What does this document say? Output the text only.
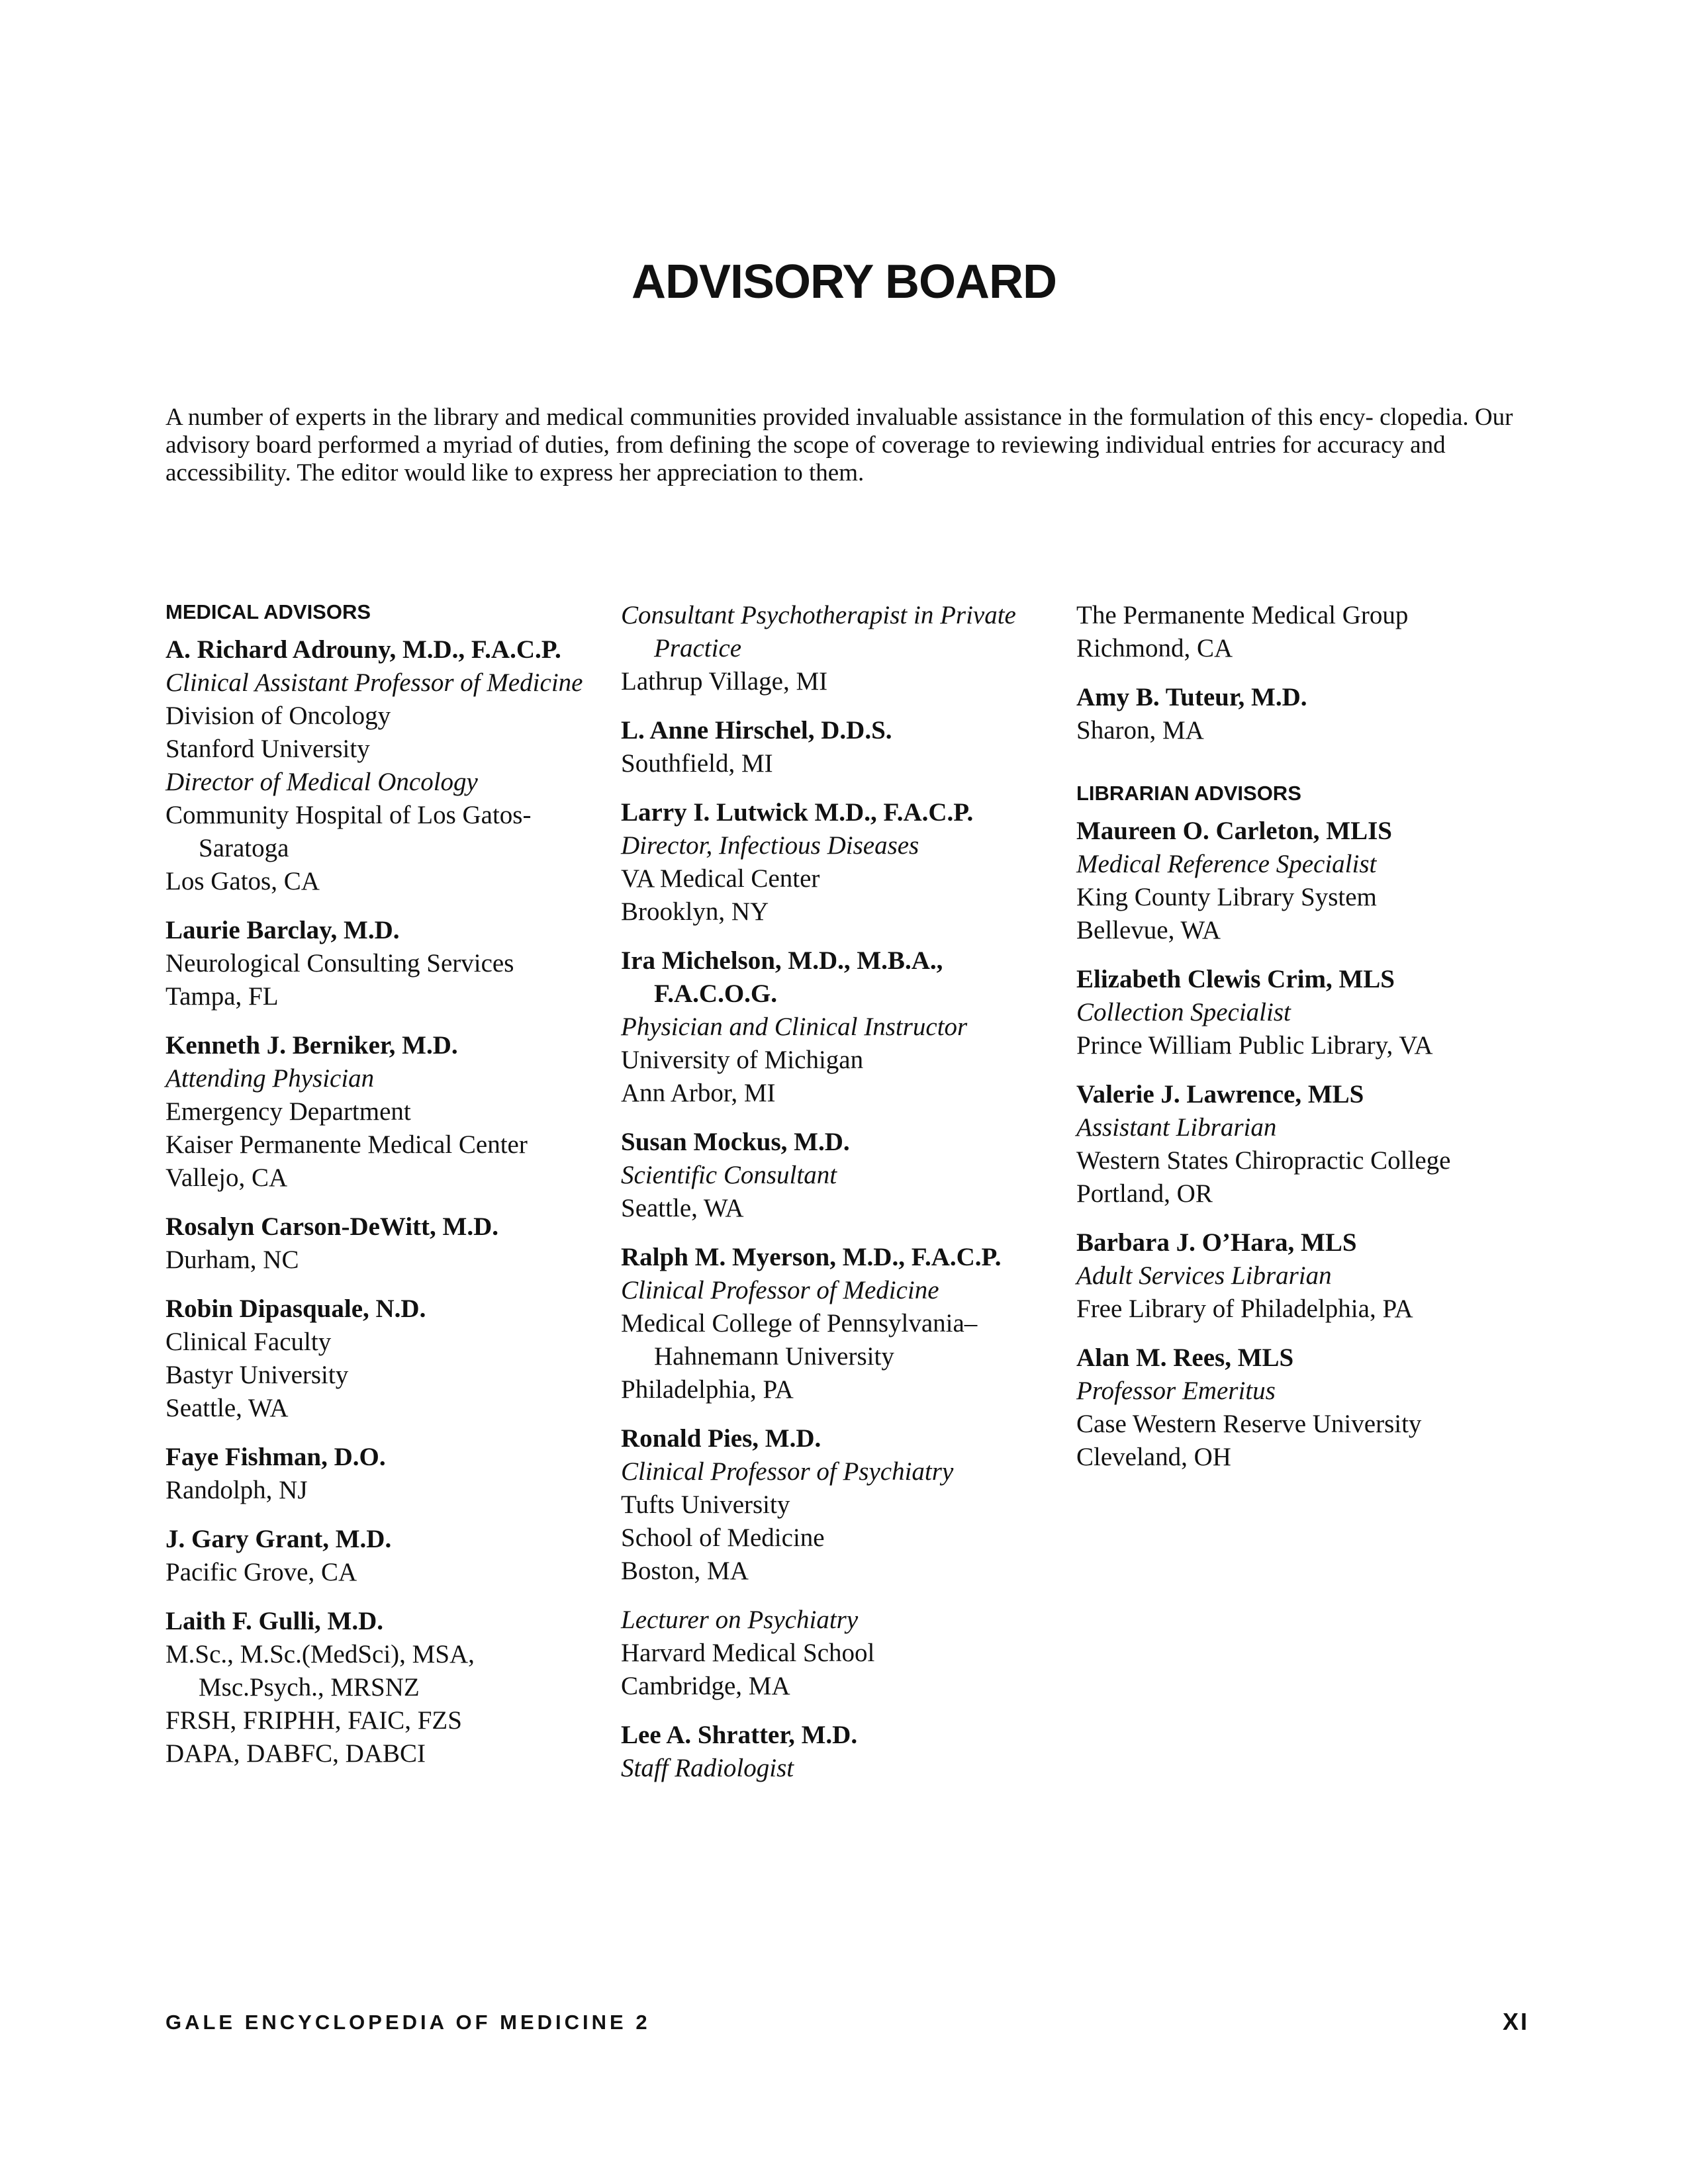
ADVISORY BOARD

A number of experts in the library and medical communities provided invaluable assistance in the formulation of this ency- clopedia. Our advisory board performed a myriad of duties, from defining the scope of coverage to reviewing individual entries for accuracy and accessibility. The editor would like to express her appreciation to them.

MEDICAL ADVISORS
A. Richard Adrouny, M.D., F.A.C.P.
Clinical Assistant Professor of Medicine
Division of Oncology
Stanford University
Director of Medical Oncology
Community Hospital of Los Gatos-Saratoga
Los Gatos, CA
Laurie Barclay, M.D.
Neurological Consulting Services
Tampa, FL
Kenneth J. Berniker, M.D.
Attending Physician
Emergency Department
Kaiser Permanente Medical Center
Vallejo, CA
Rosalyn Carson-DeWitt, M.D.
Durham, NC
Robin Dipasquale, N.D.
Clinical Faculty
Bastyr University
Seattle, WA
Faye Fishman, D.O.
Randolph, NJ
J. Gary Grant, M.D.
Pacific Grove, CA
Laith F. Gulli, M.D.
M.Sc., M.Sc.(MedSci), MSA, Msc.Psych., MRSNZ
FRSH, FRIPHH, FAIC, FZS
DAPA, DABFC, DABCI
Consultant Psychotherapist in Private Practice
Lathrup Village, MI
L. Anne Hirschel, D.D.S.
Southfield, MI
Larry I. Lutwick M.D., F.A.C.P.
Director, Infectious Diseases
VA Medical Center
Brooklyn, NY
Ira Michelson, M.D., M.B.A., F.A.C.O.G.
Physician and Clinical Instructor
University of Michigan
Ann Arbor, MI
Susan Mockus, M.D.
Scientific Consultant
Seattle, WA
Ralph M. Myerson, M.D., F.A.C.P.
Clinical Professor of Medicine
Medical College of Pennsylvania–Hahnemann University
Philadelphia, PA
Ronald Pies, M.D.
Clinical Professor of Psychiatry
Tufts University
School of Medicine
Boston, MA
Lecturer on Psychiatry
Harvard Medical School
Cambridge, MA
Lee A. Shratter, M.D.
Staff Radiologist
The Permanente Medical Group
Richmond, CA
Amy B. Tuteur, M.D.
Sharon, MA
LIBRARIAN ADVISORS
Maureen O. Carleton, MLIS
Medical Reference Specialist
King County Library System
Bellevue, WA
Elizabeth Clewis Crim, MLS
Collection Specialist
Prince William Public Library, VA
Valerie J. Lawrence, MLS
Assistant Librarian
Western States Chiropractic College
Portland, OR
Barbara J. O’Hara, MLS
Adult Services Librarian
Free Library of Philadelphia, PA
Alan M. Rees, MLS
Professor Emeritus
Case Western Reserve University
Cleveland, OH
GALE ENCYCLOPEDIA OF MEDICINE 2	XI
